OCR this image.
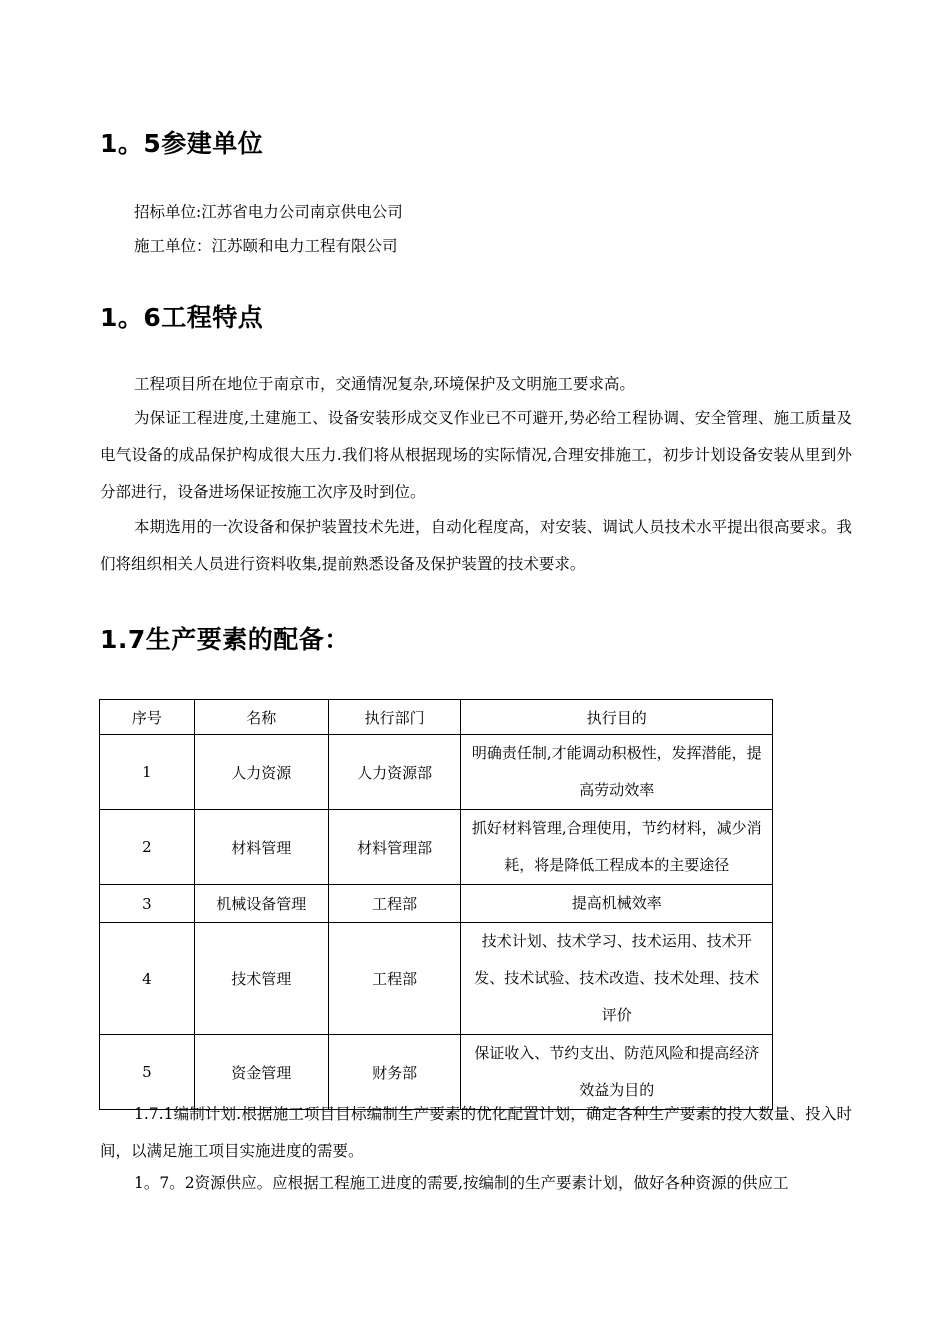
1。5参建单位

招标单位:江苏省电力公司南京供电公司

施工单位：江苏颐和电力工程有限公司

1。6工程特点

工程项目所在地位于南京市，交通情况复杂,环境保护及文明施工要求高。

为保证工程进度,土建施工、设备安装形成交叉作业已不可避开,势必给工程协调、安全管理、施工质量及电气设备的成品保护构成很大压力.我们将从根据现场的实际情况,合理安排施工，初步计划设备安装从里到外分部进行，设备进场保证按施工次序及时到位。

本期选用的一次设备和保护装置技术先进，自动化程度高，对安装、调试人员技术水平提出很高要求。我们将组织相关人员进行资料收集,提前熟悉设备及保护装置的技术要求。

1.7生产要素的配备：
序号	名称	执行部门	执行目的
1	人力资源	人力资源部	明确责任制,才能调动积极性，发挥潜能，提高劳动效率
2	材料管理	材料管理部	抓好材料管理,合理使用，节约材料，减少消耗，将是降低工程成本的主要途径
3	机械设备管理	工程部	提高机械效率
4	技术管理	工程部	技术计划、技术学习、技术运用、技术开发、技术试验、技术改造、技术处理、技术评价
5	资金管理	财务部	保证收入、节约支出、防范风险和提高经济效益为目的

1.7.1编制计划.根据施工项目目标编制生产要素的优化配置计划，确定各种生产要素的投人数量、投入时间，以满足施工项目实施进度的需要。

1。7。2资源供应。应根据工程施工进度的需要,按编制的生产要素计划，做好各种资源的供应工
